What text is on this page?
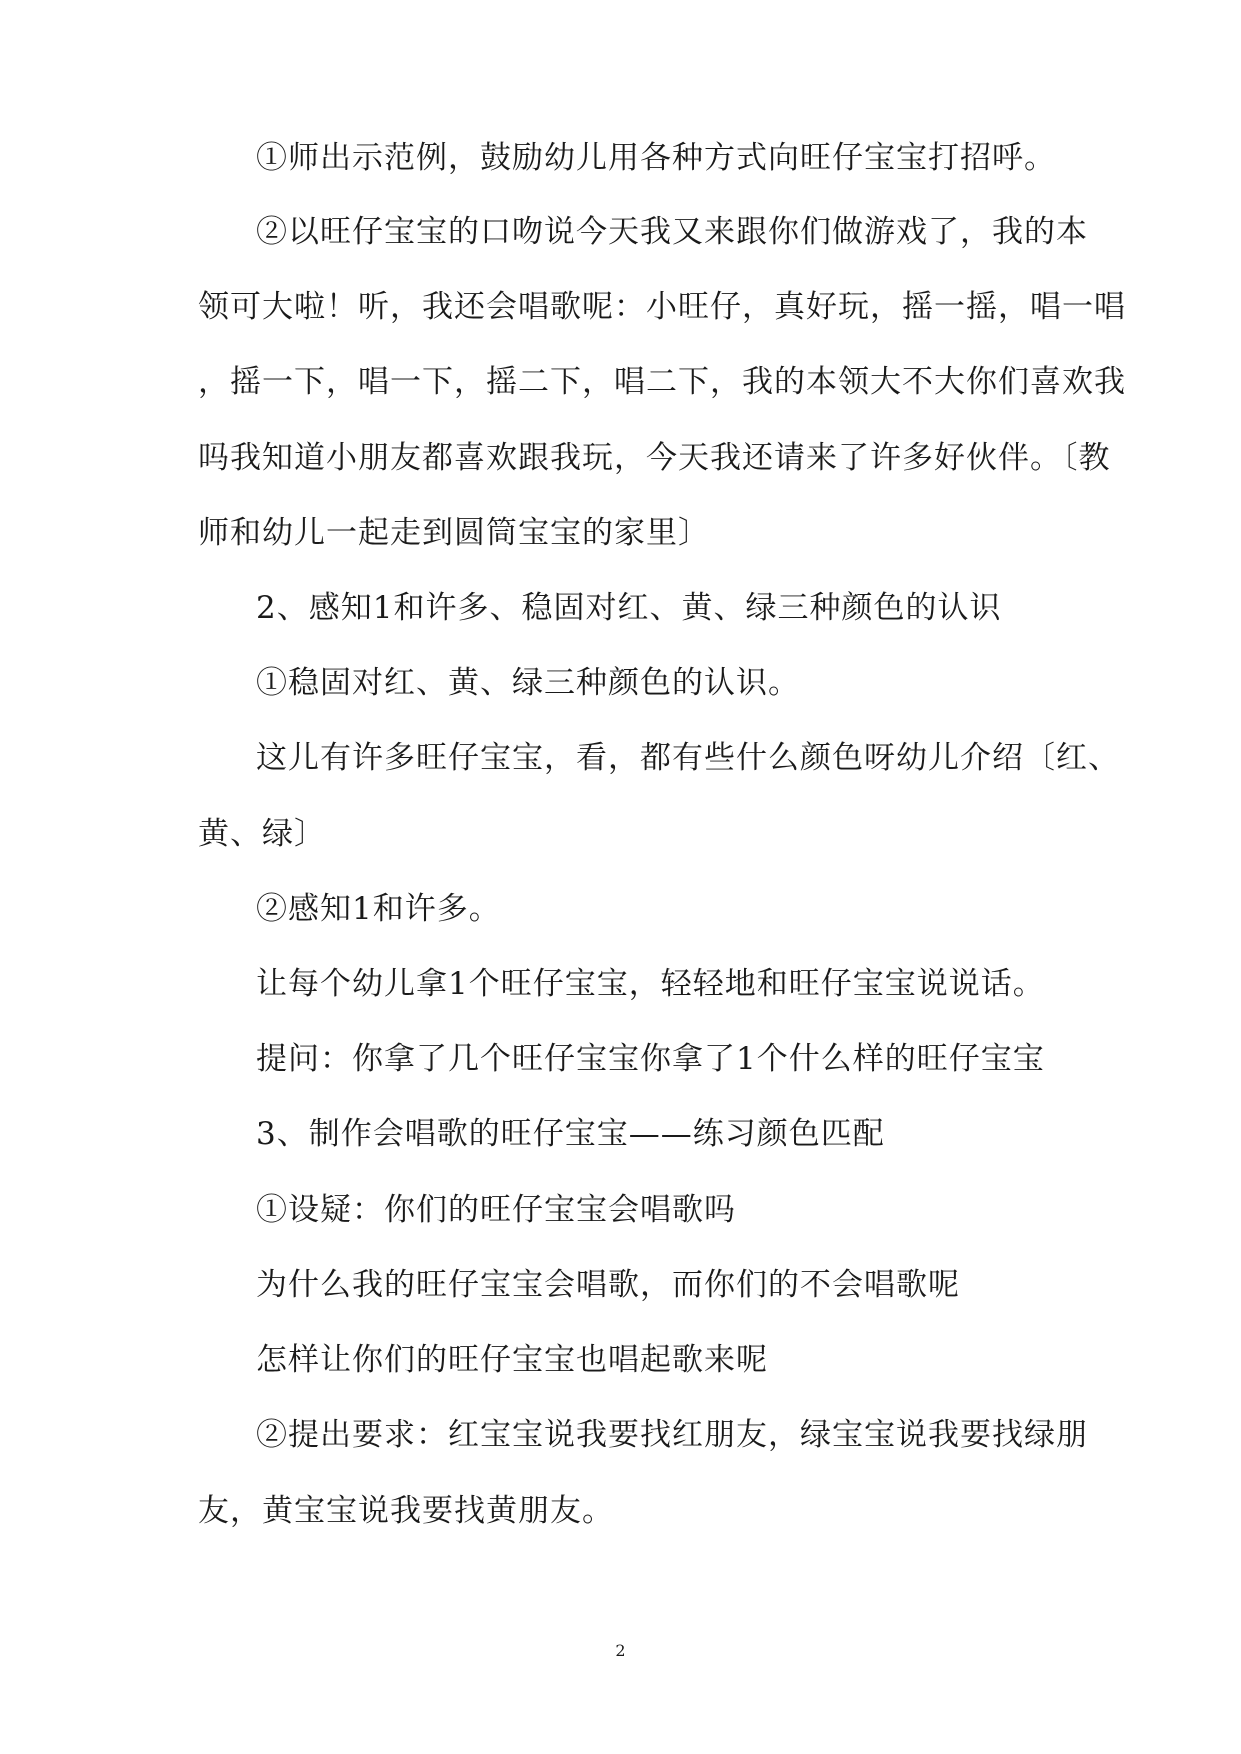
①师出示范例，鼓励幼儿用各种方式向旺仔宝宝打招呼。
②以旺仔宝宝的口吻说今天我又来跟你们做游戏了，我的本
领可大啦！听，我还会唱歌呢：小旺仔，真好玩，摇一摇，唱一唱
，摇一下，唱一下，摇二下，唱二下，我的本领大不大你们喜欢我
吗我知道小朋友都喜欢跟我玩，今天我还请来了许多好伙伴。〔教
师和幼儿一起走到圆筒宝宝的家里〕
2、感知1和许多、稳固对红、黄、绿三种颜色的认识
①稳固对红、黄、绿三种颜色的认识。
这儿有许多旺仔宝宝，看，都有些什么颜色呀幼儿介绍〔红、
黄、绿〕
②感知1和许多。
让每个幼儿拿1个旺仔宝宝，轻轻地和旺仔宝宝说说话。
提问：你拿了几个旺仔宝宝你拿了1个什么样的旺仔宝宝
3、制作会唱歌的旺仔宝宝——练习颜色匹配
①设疑：你们的旺仔宝宝会唱歌吗
为什么我的旺仔宝宝会唱歌，而你们的不会唱歌呢
怎样让你们的旺仔宝宝也唱起歌来呢
②提出要求：红宝宝说我要找红朋友，绿宝宝说我要找绿朋
友，黄宝宝说我要找黄朋友。
2
